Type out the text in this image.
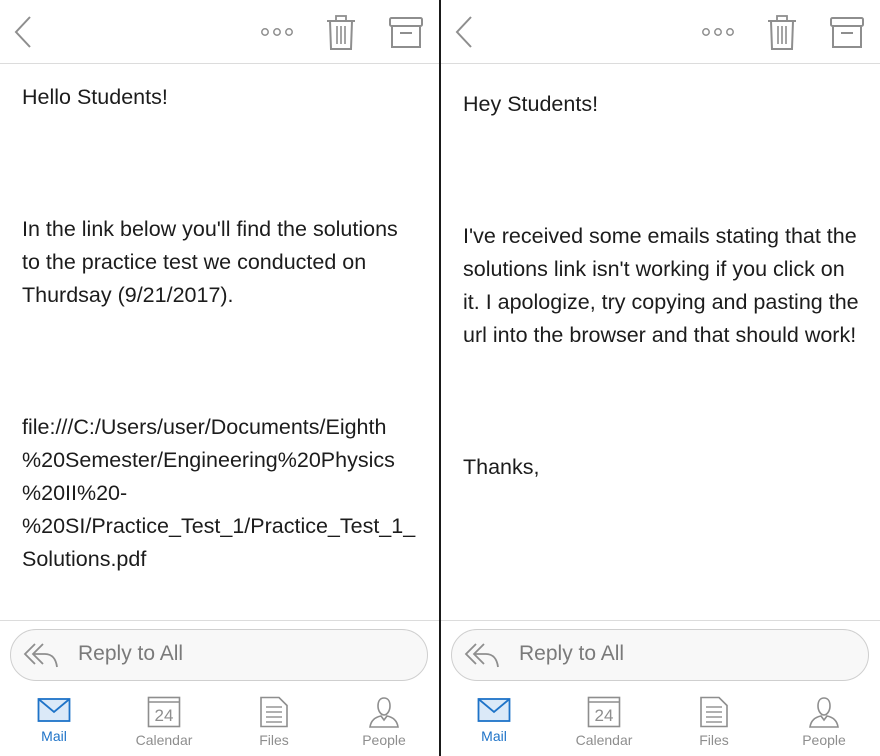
Hello Students!

In the link below you'll find the solutions to the practice test we conducted on Thurdsay (9/21/2017).

file:///C:/Users/user/Documents/Eighth
%20Semester/Engineering%20Physics
%20II%20-
%20SI/Practice_Test_1/Practice_Test_1_
Solutions.pdf
Reply to All
Mail
24
Calendar	Files	People

Hey Students!

I've received some emails stating that the solutions link isn't working if you click on it. I apologize, try copying and pasting the url into the browser and that should work!

Thanks,

Reply to All
Mail
24
Calendar	Files	People
